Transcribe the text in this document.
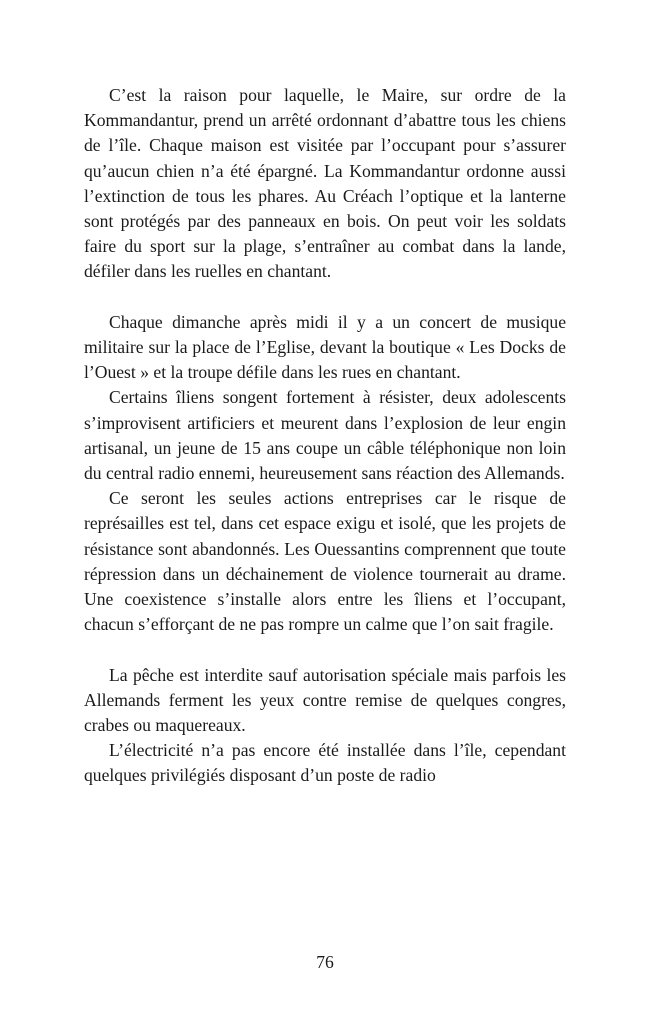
C’est la raison pour laquelle, le Maire, sur ordre de la Kommandantur, prend un arrêté ordonnant d’abattre tous les chiens de l’île. Chaque maison est visitée par l’occupant pour s’assurer qu’aucun chien n’a été épargné. La Kommandantur ordonne aussi l’extinction de tous les phares. Au Créach l’optique et la lanterne sont protégés par des panneaux en bois. On peut voir les soldats faire du sport sur la plage, s’entraîner au combat dans la lande, défiler dans les ruelles en chantant.

Chaque dimanche après midi il y a un concert de musique militaire sur la place de l’Eglise, devant la boutique « Les Docks de l’Ouest » et la troupe défile dans les rues en chantant.

Certains îliens songent fortement à résister, deux adolescents s’improvisent artificiers et meurent dans l’explosion de leur engin artisanal, un jeune de 15 ans coupe un câble téléphonique non loin du central radio ennemi, heureusement sans réaction des Allemands.

Ce seront les seules actions entreprises car le risque de représailles est tel, dans cet espace exigu et isolé, que les projets de résistance sont abandonnés. Les Ouessantins comprennent que toute répression dans un déchainement de violence tournerait au drame. Une coexistence s’installe alors entre les îliens et l’occupant, chacun s’efforçant de ne pas rompre un calme que l’on sait fragile.

La pêche est interdite sauf autorisation spéciale mais parfois les Allemands ferment les yeux contre remise de quelques congres, crabes ou maquereaux.

L’électricité n’a pas encore été installée dans l’île, cependant quelques privilégiés disposant d’un poste de radio

76
